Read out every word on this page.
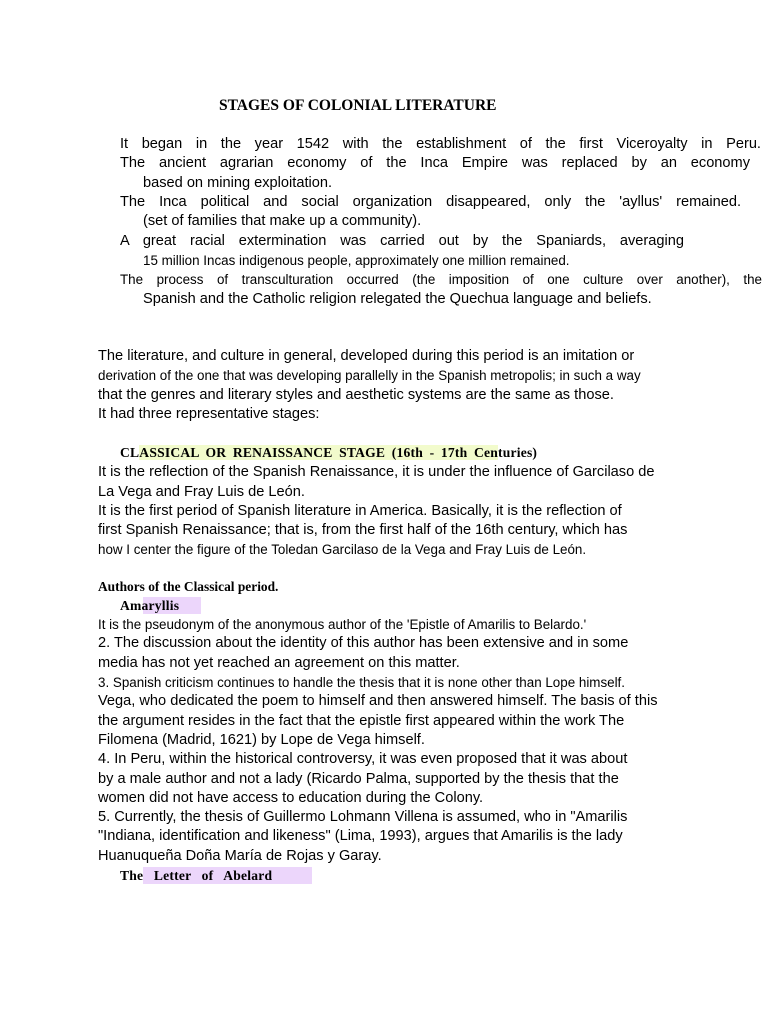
STAGES OF COLONIAL LITERATURE
It began in the year 1542 with the establishment of the first Viceroyalty in Peru.
The ancient agrarian economy of the Inca Empire was replaced by an economy
based on mining exploitation.
The Inca political and social organization disappeared, only the 'ayllus' remained.
(set of families that make up a community).
A great racial extermination was carried out by the Spaniards, averaging
15 million Incas indigenous people, approximately one million remained.
The process of transculturation occurred (the imposition of one culture over another), the
Spanish and the Catholic religion relegated the Quechua language and beliefs.
The literature, and culture in general, developed during this period is an imitation or
derivation of the one that was developing parallelly in the Spanish metropolis; in such a way
that the genres and literary styles and aesthetic systems are the same as those.
It had three representative stages:
CLASSICAL OR RENAISSANCE STAGE (16th - 17th Centuries)
It is the reflection of the Spanish Renaissance, it is under the influence of Garcilaso de
La Vega and Fray Luis de León.
It is the first period of Spanish literature in America. Basically, it is the reflection of
first Spanish Renaissance; that is, from the first half of the 16th century, which has
how I center the figure of the Toledan Garcilaso de la Vega and Fray Luis de León.
Authors of the Classical period.
Amaryllis
It is the pseudonym of the anonymous author of the 'Epistle of Amarilis to Belardo.'
2. The discussion about the identity of this author has been extensive and in some
media has not yet reached an agreement on this matter.
3. Spanish criticism continues to handle the thesis that it is none other than Lope himself.
Vega, who dedicated the poem to himself and then answered himself. The basis of this
the argument resides in the fact that the epistle first appeared within the work The
Filomena (Madrid, 1621) by Lope de Vega himself.
4. In Peru, within the historical controversy, it was even proposed that it was about
by a male author and not a lady (Ricardo Palma, supported by the thesis that the
women did not have access to education during the Colony.
5. Currently, the thesis of Guillermo Lohmann Villena is assumed, who in "Amarilis
"Indiana, identification and likeness" (Lima, 1993), argues that Amarilis is the lady
Huanuqueña Doña María de Rojas y Garay.
The Letter of Abelard
